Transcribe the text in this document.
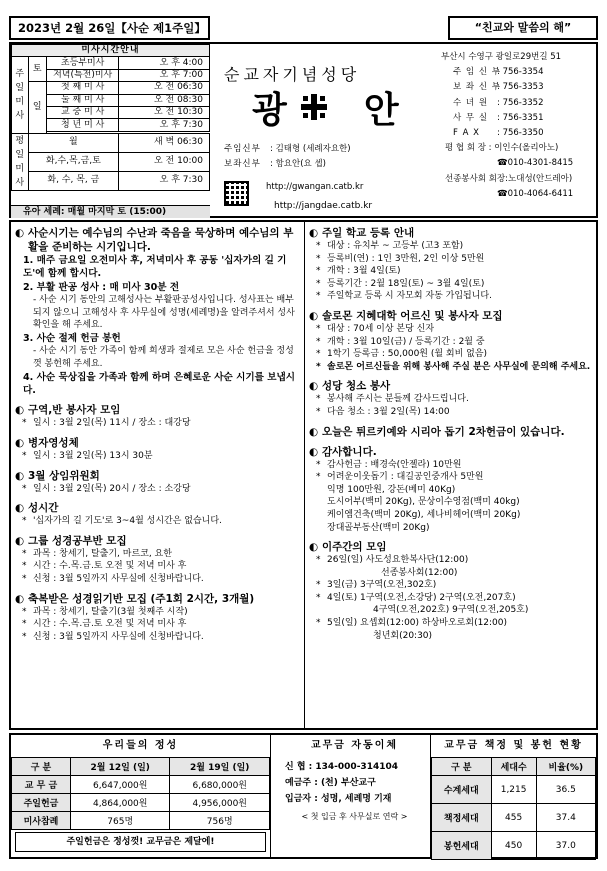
2023년 2월 26일【사순 제1주일】	“친교와 말씀의 해”
미사시간안내			
주일미사	토	초등부미사	오 후 4:00
		저녁(특전)미사	오 후 7:00
	일	첫 째 미 사	오 전 06:30
		둘 째 미 사	오 전 08:30
		교 중 미 사	오 전 10:30
		청 년 미 사	오 후 7:30

평일미사	월		새 벽 06:30
	화,수,목,금,토		오 전 10:00
	화, 수, 목, 금		오 후 7:30
유아 세례: 매월 마지막 토 (15:00)
순교자기념성당
광 안
주임신부 : 김태형 (세례자요한)
보좌신부 : 함요안(요 셉)
http://gwangan.catb.kr
http://jangdae.catb.kr
부산시 수영구 광일로29번길 51
주 임 신 부: 756-3354
보 좌 신 부: 756-3353
수 녀 원 : 756-3352
사 무 실 : 756-3351
F A X : 756-3350
평 협 회 장 : 이인수(올리아노)
☎ 010-4301-8415
선종봉사회 회장:노대성(안드레아)
☎ 010-4064-6411
◐ 사순시기는 예수님의 수난과 죽음을 묵상하며 예수님의 부활을 준비하는 시기입니다.
1. 매주 금요일 오전미사 후, 저녁미사 후 공동 '십자가의 길 기도'에 함께 합시다.
2. 부활 판공 성사 : 매 미사 30분 전
- 사순 시기 동안의 고해성사는 부활판공성사입니다. 성사표는 배부되지 않으니 고해성사 후 사무실에 성명(세례명)을 알려주셔서 성사확인을 해 주세요.
3. 사순 절제 헌금 봉헌
- 사순 시기 동안 가족이 함께 희생과 절제로 모은 사순 헌금을 정성껏 봉헌해 주세요.
4. 사순 묵상집을 가족과 함께 하며 은혜로운 사순 시기를 보냅시다.
◐ 구역,반 봉사자 모임
* 일시 : 3월 2일(목) 11시 / 장소 : 대강당
◐ 병자영성체
* 일시 : 3월 2일(목) 13시 30분
◐ 3월 상임위원회
* 일시 : 3월 2일(목) 20시 / 장소 : 소강당
◐ 성시간
* '십자가의 길 기도'로 3~4월 성시간은 없습니다.
◐ 그룹 성경공부반 모집
* 과목 : 창세기, 탈출기, 마르코, 요한
* 시간 : 수.목.금.토 오전 및 저녁 미사 후
* 신청 : 3월 5일까지 사무실에 신청바랍니다.
◐ 축복받은 성경읽기반 모집 (주1회 2시간, 3개월)
* 과목 : 창세기, 탈출기(3월 첫째주 시작)
* 시간 : 수.목.금.토 오전 및 저녁 미사 후
* 신청 : 3월 5일까지 사무실에 신청바랍니다.
◐ 주일 학교 등록 안내
* 대상 : 유치부 ~ 고등부 (고3 포함)
* 등록비(연) : 1인 3만원, 2인 이상 5만원
* 개학 : 3월 4일(토)
* 등록기간 : 2월 18일(토) ~ 3월 4일(토)
* 주일학교 등록 시 자모회 자동 가입됩니다.
◐ 솔로몬 지혜대학 어르신 및 봉사자 모집
* 대상 : 70세 이상 본당 신자
* 개학 : 3월 10일(금) / 등록기간 : 2월 중
* 1학기 등록금 : 50,000원 (월 회비 없음)
* 솔로몬 어르신들을 위해 봉사해 주실 분은 사무실에 문의해 주세요.
◐ 성당 청소 봉사
* 봉사해 주시는 분들께 감사드립니다.
* 다음 청소 : 3월 2일(목) 14:00
◐ 오늘은 튀르키예와 시리아 돕기 2차헌금이 있습니다.
◐ 감사합니다.
* 감사헌금 : 배경숙(안젤라) 10만원
* 어려운이웃돕기 : 대길공인중개사 5만원
익명 100만원, 강돈(베미 40Kg)
도시어부(백미 20Kg), 문상이수영점(백미 40kg)
케이엠건축(백미 20Kg), 세나비헤어(백미 20Kg)
장대골부동산(백미 20Kg)
◐ 이주간의 모임
* 26일(일) 사도성요한복사단(12:00)
선종봉사회(12:00)
* 3일(금) 3구역(오전,302호)
* 4일(토) 1구역(오전,소강당) 2구역(오전,207호)
4구역(오전,202호) 9구역(오전,205호)
* 5일(일) 요셉회(12:00) 하상바오로회(12:00)
청년회(20:30)
우리들의 정성
구 분	2월 12일 (일)	2월 19일 (일)
교 무 금	6,647,000원	6,680,000원
주일헌금	4,864,000원	4,956,000원
미사참례	765명	756명
주일헌금은 정성껏! 교무금은 제달에!
교무금 자동이체
신 협 : 134-000-314104
예금주 : (천) 부산교구
입금자 : 성명, 세례명 기재
< 첫 입금 후 사무실로 연락 >
교무금 책정 및 봉헌 현황
구 분	세대수	비율(%)
수계세대	1,215	36.5
책정세대	455	37.4
봉헌세대	450	37.0
